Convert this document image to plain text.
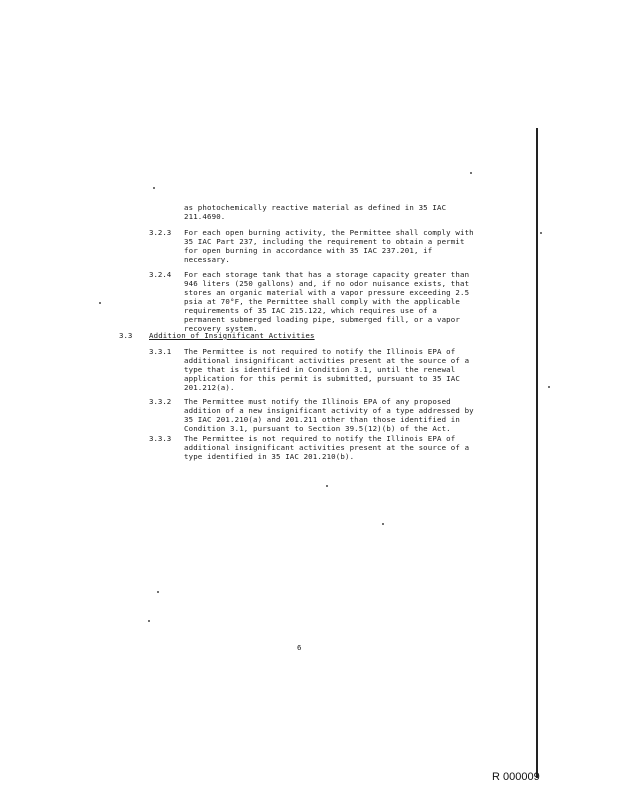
as photochemically reactive material as defined in 35 IAC
211.4690.
3.2.3 For each open burning activity, the Permittee shall comply with
35 IAC Part 237, including the requirement to obtain a permit
for open burning in accordance with 35 IAC 237.201, if
necessary.
3.2.4 For each storage tank that has a storage capacity greater than
946 liters (250 gallons) and, if no odor nuisance exists, that
stores an organic material with a vapor pressure exceeding 2.5
psia at 70°F, the Permittee shall comply with the applicable
requirements of 35 IAC 215.122, which requires use of a
permanent submerged loading pipe, submerged fill, or a vapor
recovery system.
3.3 Addition of Insignificant Activities
3.3.1 The Permittee is not required to notify the Illinois EPA of
additional insignificant activities present at the source of a
type that is identified in Condition 3.1, until the renewal
application for this permit is submitted, pursuant to 35 IAC
201.212(a).
3.3.2 The Permittee must notify the Illinois EPA of any proposed
addition of a new insignificant activity of a type addressed by
35 IAC 201.210(a) and 201.211 other than those identified in
Condition 3.1, pursuant to Section 39.5(12)(b) of the Act.
3.3.3 The Permittee is not required to notify the Illinois EPA of
additional insignificant activities present at the source of a
type identified in 35 IAC 201.210(b).
6
R 000009
